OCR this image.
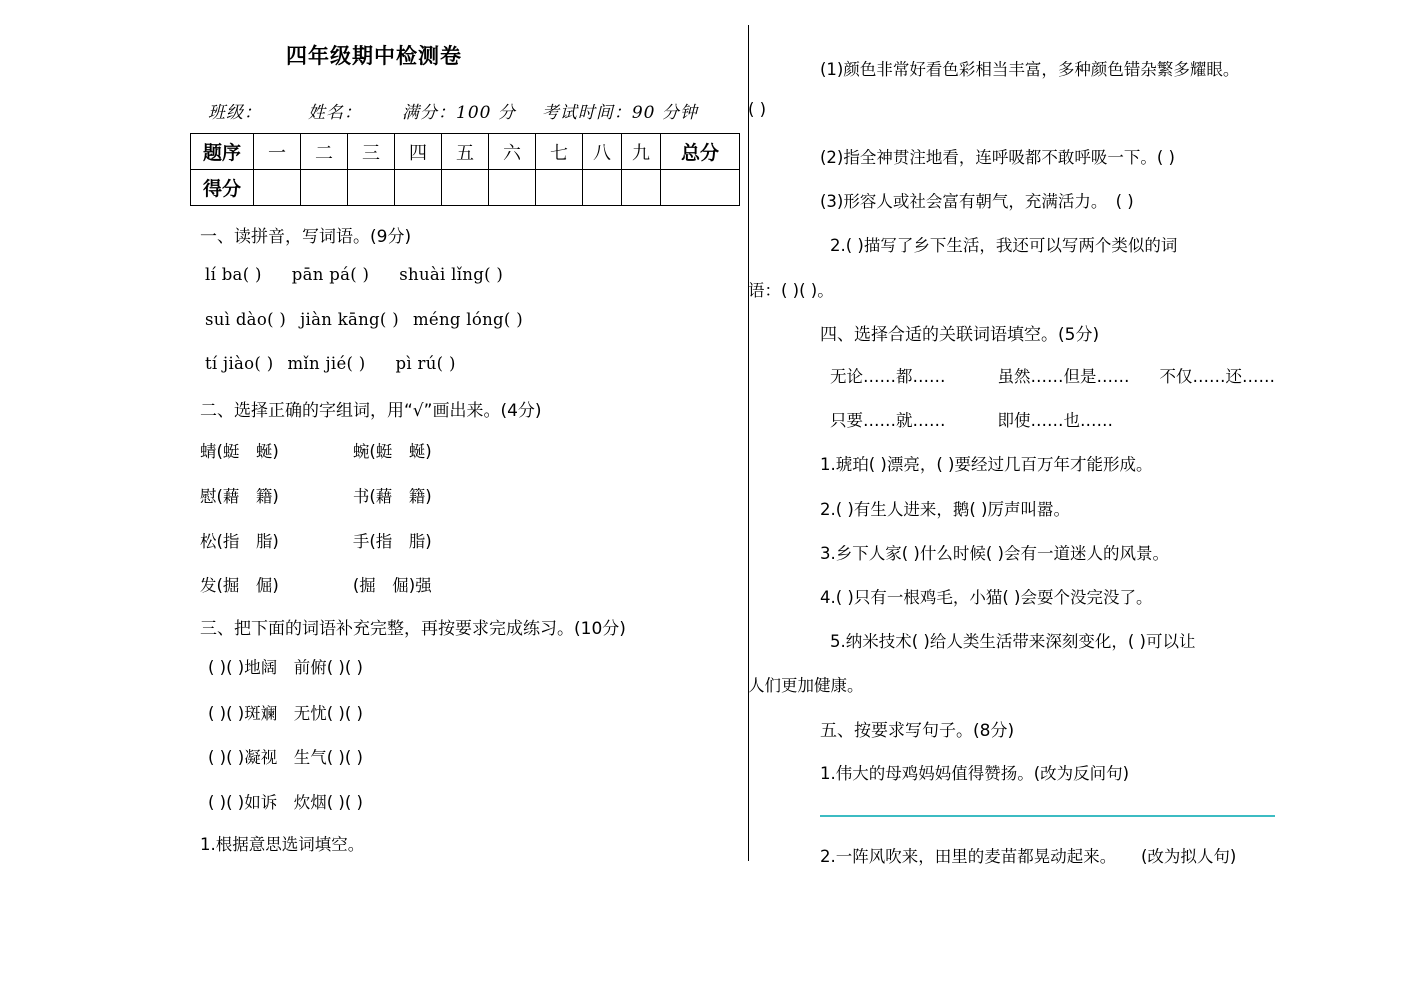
四年级期中检测卷
班级：	姓名： 满分：100 分 考试时间：90 分钟
题序	一	二	三	四	五	六	七	八	九	总分
得分										
一、读拼音，写词语。(9分)
lí ba( ) pān pá( ) shuài lǐng( )
suì dào( ) jiàn kāng( ) méng lóng( )
tí jiào( ) mǐn jié( ) pì rú( )
二、选择正确的字组词，用“√”画出来。(4分)
蜻(蜓　蜒)	蜿(蜓　蜒)
慰(藉　籍)	书(藉　籍)
松(指　脂)	手(指　脂)
发(掘　倔)	(掘　倔)强
三、把下面的词语补充完整，再按要求完成练习。(10分)
( )( )地阔　前俯( )( )
( )( )斑斓　无忧( )( )
( )( )凝视　生气( )( )
( )( )如诉　炊烟( )( )
1.根据意思选词填空。
(1)颜色非常好看色彩相当丰富，多种颜色错杂繁多耀眼。
( )
(2)指全神贯注地看，连呼吸都不敢呼吸一下。( )
(3)形容人或社会富有朝气，充满活力。　( )
2.( )描写了乡下生活，我还可以写两个类似的词
语：( )( )。
四、选择合适的关联词语填空。(5分)
无论……都……	虽然……但是…… 不仅……还……
只要……就……	即使……也……
1.琥珀( )漂亮，( )要经过几百万年才能形成。
2.( )有生人进来，鹅( )厉声叫嚣。
3.乡下人家( )什么时候( )会有一道迷人的风景。
4.( )只有一根鸡毛，小猫( )会耍个没完没了。
5.纳米技术( )给人类生活带来深刻变化，( )可以让
人们更加健康。
五、按要求写句子。(8分)
1.伟大的母鸡妈妈值得赞扬。(改为反问句)
2.一阵风吹来，田里的麦苗都晃动起来。　　(改为拟人句)
